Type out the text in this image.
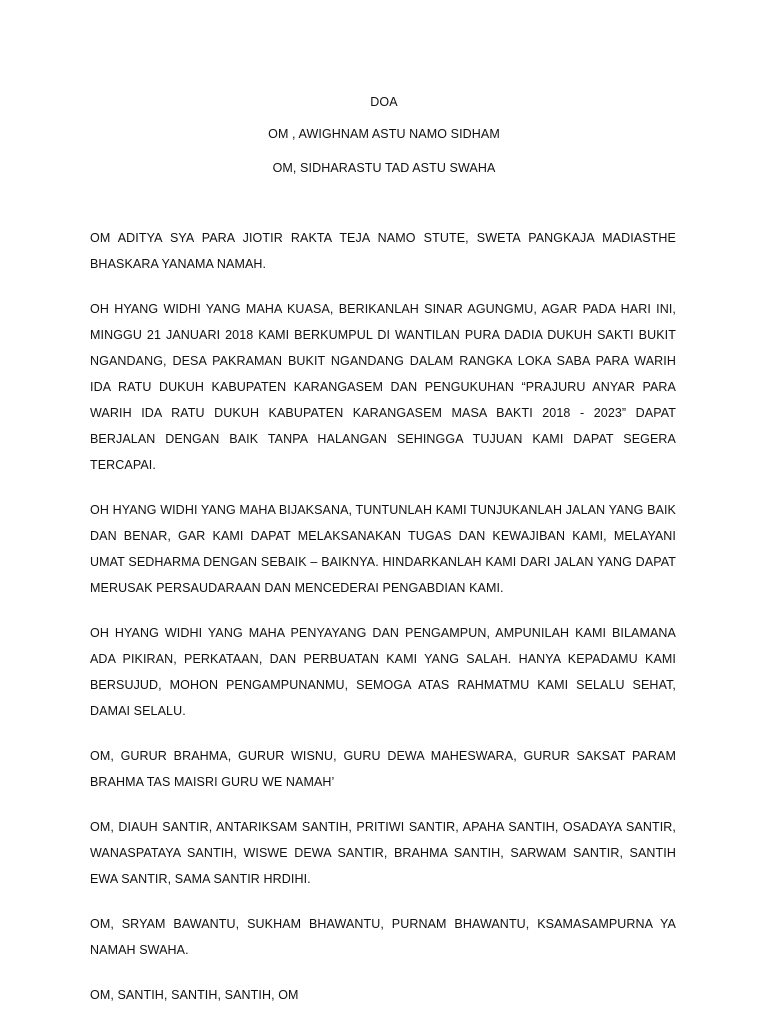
DOA
OM , AWIGHNAM ASTU NAMO SIDHAM
OM, SIDHARASTU TAD ASTU SWAHA

OM ADITYA SYA PARA JIOTIR RAKTA TEJA NAMO STUTE, SWETA PANGKAJA MADIASTHE BHASKARA YANAMA NAMAH.

OH HYANG WIDHI YANG MAHA KUASA, BERIKANLAH SINAR AGUNGMU, AGAR PADA HARI INI, MINGGU 21 JANUARI 2018 KAMI BERKUMPUL DI WANTILAN PURA DADIA DUKUH SAKTI BUKIT NGANDANG, DESA PAKRAMAN BUKIT NGANDANG DALAM RANGKA LOKA SABA PARA WARIH IDA RATU DUKUH KABUPATEN KARANGASEM DAN PENGUKUHAN “PRAJURU ANYAR PARA WARIH IDA RATU DUKUH KABUPATEN KARANGASEM MASA BAKTI 2018 - 2023” DAPAT BERJALAN DENGAN BAIK TANPA HALANGAN SEHINGGA TUJUAN KAMI DAPAT SEGERA TERCAPAI.

OH HYANG WIDHI YANG MAHA BIJAKSANA, TUNTUNLAH KAMI TUNJUKANLAH JALAN YANG BAIK DAN BENAR, GAR KAMI DAPAT MELAKSANAKAN TUGAS DAN KEWAJIBAN KAMI, MELAYANI UMAT SEDHARMA DENGAN SEBAIK – BAIKNYA. HINDARKANLAH KAMI DARI JALAN YANG DAPAT MERUSAK PERSAUDARAAN DAN MENCEDERAI PENGABDIAN KAMI.

OH HYANG WIDHI YANG MAHA PENYAYANG DAN PENGAMPUN, AMPUNILAH KAMI BILAMANA ADA PIKIRAN, PERKATAAN, DAN PERBUATAN KAMI YANG SALAH. HANYA KEPADAMU KAMI BERSUJUD, MOHON PENGAMPUNANMU, SEMOGA ATAS RAHMATMU KAMI SELALU SEHAT, DAMAI SELALU.

OM, GURUR BRAHMA, GURUR WISNU, GURU DEWA MAHESWARA, GURUR SAKSAT PARAM BRAHMA TAS MAISRI GURU WE NAMAH’

OM, DIAUH SANTIR, ANTARIKSAM SANTIH, PRITIWI SANTIR, APAHA SANTIH, OSADAYA SANTIR, WANASPATAYA SANTIH, WISWE DEWA SANTIR, BRAHMA SANTIH, SARWAM SANTIR, SANTIH EWA SANTIR, SAMA SANTIR HRDIHI.

OM, SRYAM BAWANTU, SUKHAM BHAWANTU, PURNAM BHAWANTU, KSAMASAMPURNA YA NAMAH SWAHA.

OM, SANTIH, SANTIH, SANTIH, OM
